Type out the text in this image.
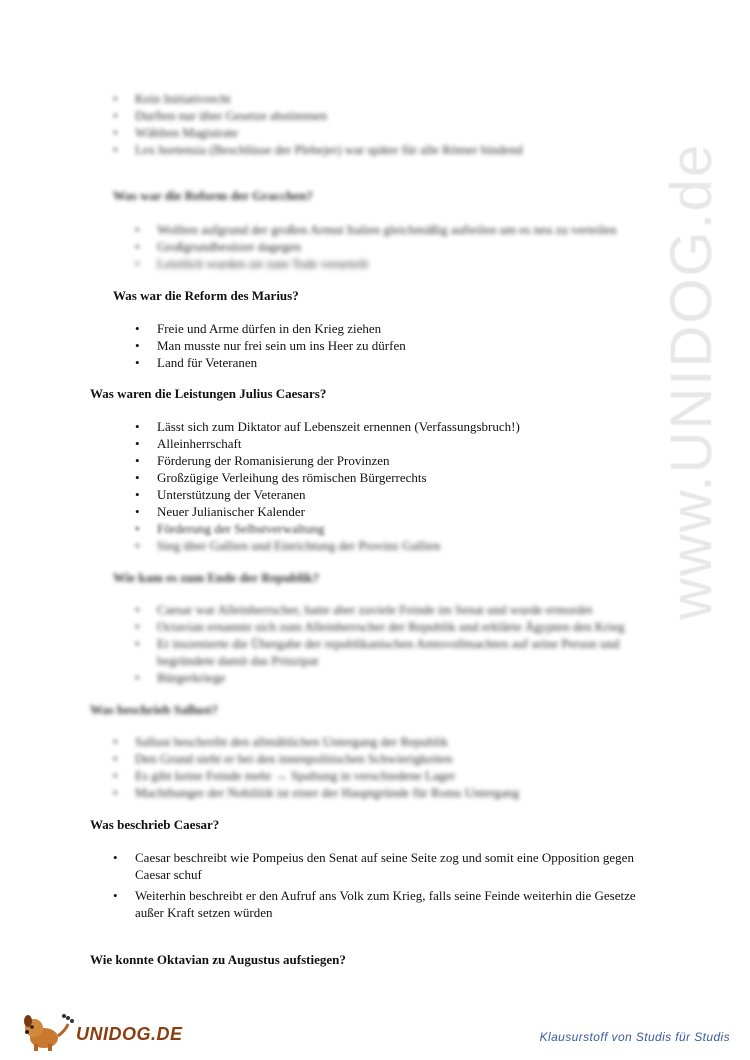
www.UNIDOG.de
• Kein Initiativrecht
• Durften nur über Gesetze abstimmen
• Wählten Magistrate
• Lex hortensia (Beschlüsse der Plebejer) war später für alle Römer bindend
Was war die Reform der Gracchen?
• Wollten aufgrund der großen Armut Italien gleichmäßig aufteilen um es neu zu verteilen
• Großgrundbesitzer dagegen
• Letztlich wurden sie zum Tode verurteilt
Was war die Reform des Marius?
• Freie und Arme dürfen in den Krieg ziehen
• Man musste nur frei sein um ins Heer zu dürfen
• Land für Veteranen
Was waren die Leistungen Julius Caesars?
• Lässt sich zum Diktator auf Lebenszeit ernennen (Verfassungsbruch!)
• Alleinherrschaft
• Förderung der Romanisierung der Provinzen
• Großzügige Verleihung des römischen Bürgerrechts
• Unterstützung der Veteranen
• Neuer Julianischer Kalender
• Förderung der Selbstverwaltung
• Sieg über Gallien und Einrichtung der Provinz Gallien
Wie kam es zum Ende der Republik?
• Caesar war Alleinherrscher, hatte aber zuviele Feinde im Senat und wurde ermordet
• Octavian ernannte sich zum Alleinherrscher der Republik und erklärte Ägypten den Krieg
• Er inszenierte die Übergabe der republikanischen Amtsvollmachten auf seine Person und begründete damit das Prinzipat
• Bürgerkriege
Was beschrieb Sallust?
• Sallust beschreibt den allmählichen Untergang der Republik
• Den Grund sieht er bei den innenpolitischen Schwierigkeiten
• Es gibt keine Feinde mehr → Spaltung in verschiedene Lager
• Machthunger der Nobilität ist einer der Hauptgründe für Roms Untergang
Was beschrieb Caesar?
• Caesar beschreibt wie Pompeius den Senat auf seine Seite zog und somit eine Opposition gegen Caesar schuf
• Weiterhin beschreibt er den Aufruf ans Volk zum Krieg, falls seine Feinde weiterhin die Gesetze außer Kraft setzen würden
Wie konnte Oktavian zu Augustus aufstiegen?
UNIDOG.DE	Klausurstoff von Studis für Studis
